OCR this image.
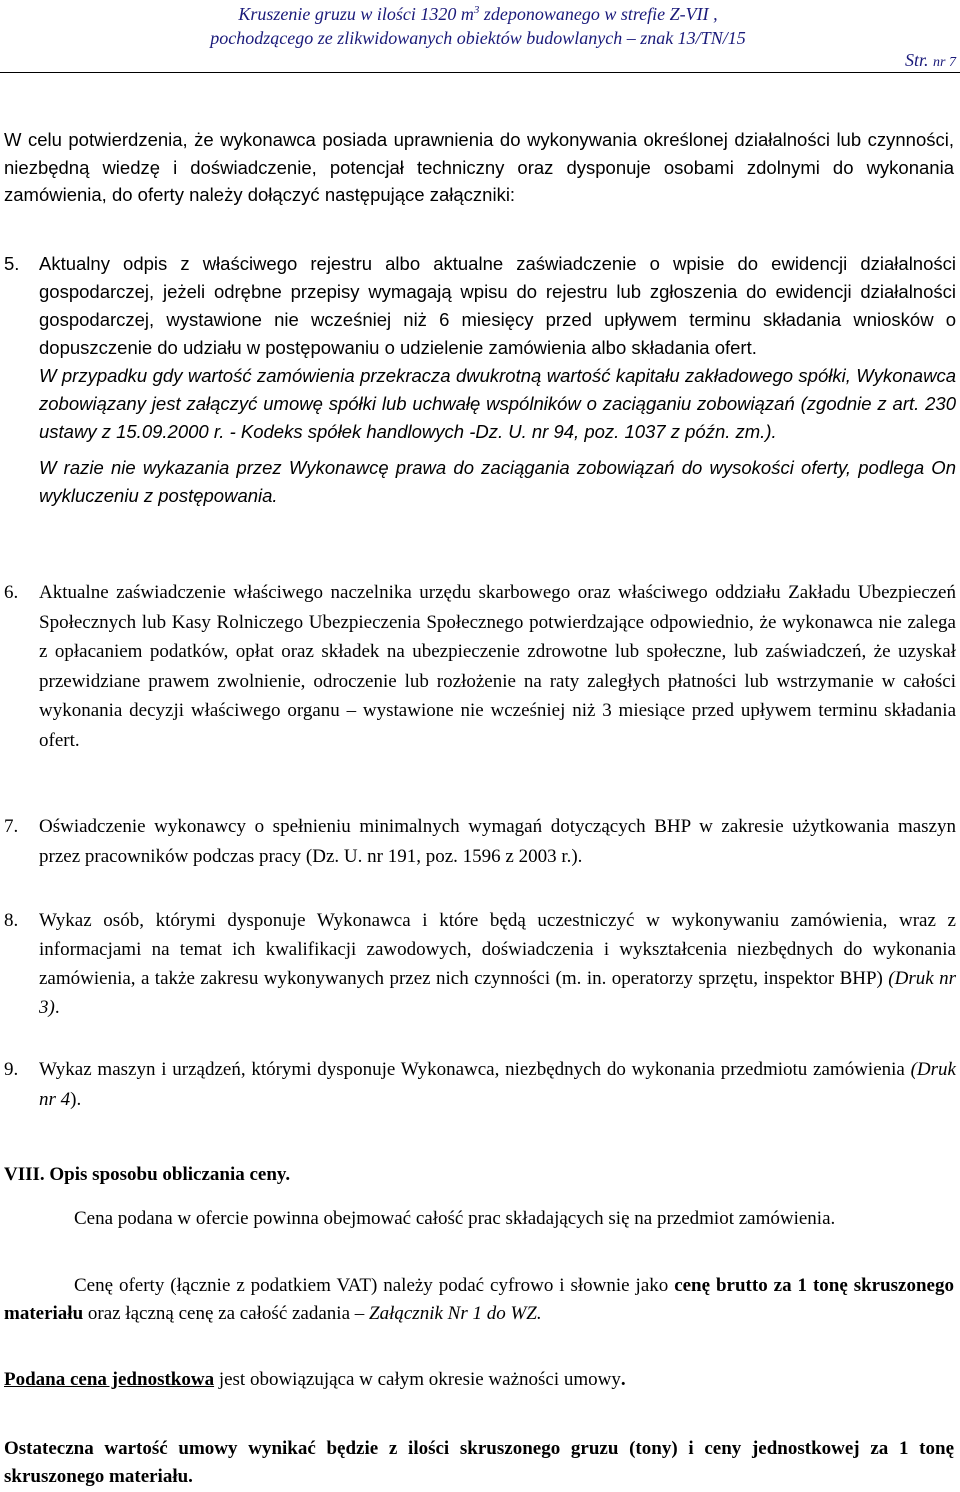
Kruszenie gruzu w ilości 1320 $m^3$ zdeponowanego w strefie Z-VII ,
pochodzącego ze zlikwidowanych obiektów budowlanych – znak 13/TN/15
Str. nr 7
W celu potwierdzenia, że wykonawca posiada uprawnienia do wykonywania określonej działalności lub czynności, niezbędną wiedzę i doświadczenie, potencjał techniczny oraz dysponuje osobami zdolnymi do wykonania zamówienia, do oferty należy dołączyć następujące załączniki:
5. Aktualny odpis z właściwego rejestru albo aktualne zaświadczenie o wpisie do ewidencji działalności gospodarczej, jeżeli odrębne przepisy wymagają wpisu do rejestru lub zgłoszenia do ewidencji działalności gospodarczej, wystawione nie wcześniej niż 6 miesięcy przed upływem terminu składania wniosków o dopuszczenie do udziału w postępowaniu o udzielenie zamówienia albo składania ofert.

W przypadku gdy wartość zamówienia przekracza dwukrotną wartość kapitału zakładowego spółki, Wykonawca zobowiązany jest załączyć umowę spółki lub uchwałę wspólników o zaciąganiu zobowiązań (zgodnie z art. 230 ustawy z 15.09.2000 r. - Kodeks spółek handlowych -Dz. U. nr 94, poz. 1037 z późn. zm.).

W razie nie wykazania przez Wykonawcę prawa do zaciągania zobowiązań do wysokości oferty, podlega On wykluczeniu z postępowania.

6. Aktualne zaświadczenie właściwego naczelnika urzędu skarbowego oraz właściwego oddziału Zakładu Ubezpieczeń Społecznych lub Kasy Rolniczego Ubezpieczenia Społecznego potwierdzające odpowiednio, że wykonawca nie zalega z opłacaniem podatków, opłat oraz składek na ubezpieczenie zdrowotne lub społeczne, lub zaświadczeń, że uzyskał przewidziane prawem zwolnienie, odroczenie lub rozłożenie na raty zaległych płatności lub wstrzymanie w całości wykonania decyzji właściwego organu – wystawione nie wcześniej niż 3 miesiące przed upływem terminu składania ofert.

7. Oświadczenie wykonawcy o spełnieniu minimalnych wymagań dotyczących BHP w zakresie użytkowania maszyn przez pracowników podczas pracy (Dz. U. nr 191, poz. 1596 z 2003 r.).

8. Wykaz osób, którymi dysponuje Wykonawca i które będą uczestniczyć w wykonywaniu zamówienia, wraz z informacjami na temat ich kwalifikacji zawodowych, doświadczenia i wykształcenia niezbędnych do wykonania zamówienia, a także zakresu wykonywanych przez nich czynności (m. in. operatorzy sprzętu, inspektor BHP) (Druk nr 3).

9. Wykaz maszyn i urządzeń, którymi dysponuje Wykonawca, niezbędnych do wykonania przedmiotu zamówienia (Druk nr 4).

VIII. Opis sposobu obliczania ceny.
Cena podana w ofercie powinna obejmować całość prac składających się na przedmiot zamówienia.
Cenę oferty (łącznie z podatkiem VAT) należy podać cyfrowo i słownie jako cenę brutto za 1 tonę skruszonego materiału oraz łączną cenę za całość zadania – Załącznik Nr 1 do WZ.
Podana cena jednostkowa jest obowiązująca w całym okresie ważności umowy.
Ostateczna wartość umowy wynikać będzie z ilości skruszonego gruzu (tony) i ceny jednostkowej za 1 tonę skruszonego materiału.
